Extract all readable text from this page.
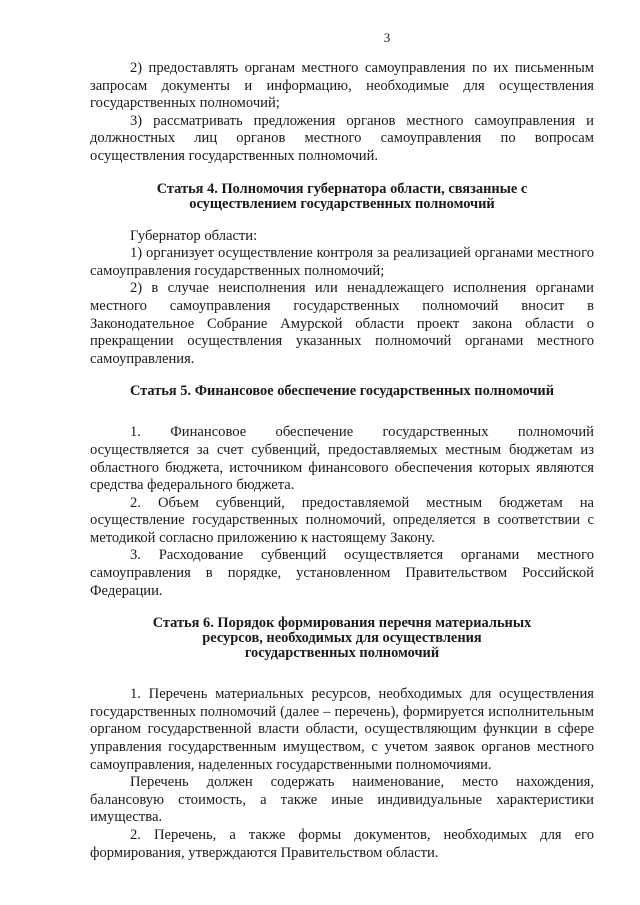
3

2) предоставлять органам местного самоуправления по их письменным запросам документы и информацию, необходимые для осуществления государственных полномочий;

3) рассматривать предложения органов местного самоуправления и должностных лиц органов местного самоуправления по вопросам осуществления государственных полномочий.

Статья 4. Полномочия губернатора области, связанные с
осуществлением государственных полномочий

Губернатор области:

1) организует осуществление контроля за реализацией органами местного самоуправления государственных полномочий;

2) в случае неисполнения или ненадлежащего исполнения органами местного самоуправления государственных полномочий вносит в Законодательное Собрание Амурской области проект закона области о прекращении осуществления указанных полномочий органами местного самоуправления.

Статья 5. Финансовое обеспечение государственных полномочий

1. Финансовое обеспечение государственных полномочий осуществляется за счет субвенций, предоставляемых местным бюджетам из областного бюджета, источником финансового обеспечения которых являются средства федерального бюджета.

2. Объем субвенций, предоставляемой местным бюджетам на осуществление государственных полномочий, определяется в соответствии с методикой согласно приложению к настоящему Закону.

3. Расходование субвенций осуществляется органами местного самоуправления в порядке, установленном Правительством Российской Федерации.

Статья 6. Порядок формирования перечня материальных
ресурсов, необходимых для осуществления
государственных полномочий

1. Перечень материальных ресурсов, необходимых для осуществления государственных полномочий (далее – перечень), формируется исполнительным органом государственной власти области, осуществляющим функции в сфере управления государственным имуществом, с учетом заявок органов местного самоуправления, наделенных государственными полномочиями.

Перечень должен содержать наименование, место нахождения, балансовую стоимость, а также иные индивидуальные характеристики имущества.

2. Перечень, а также формы документов, необходимых для его формирования, утверждаются Правительством области.
